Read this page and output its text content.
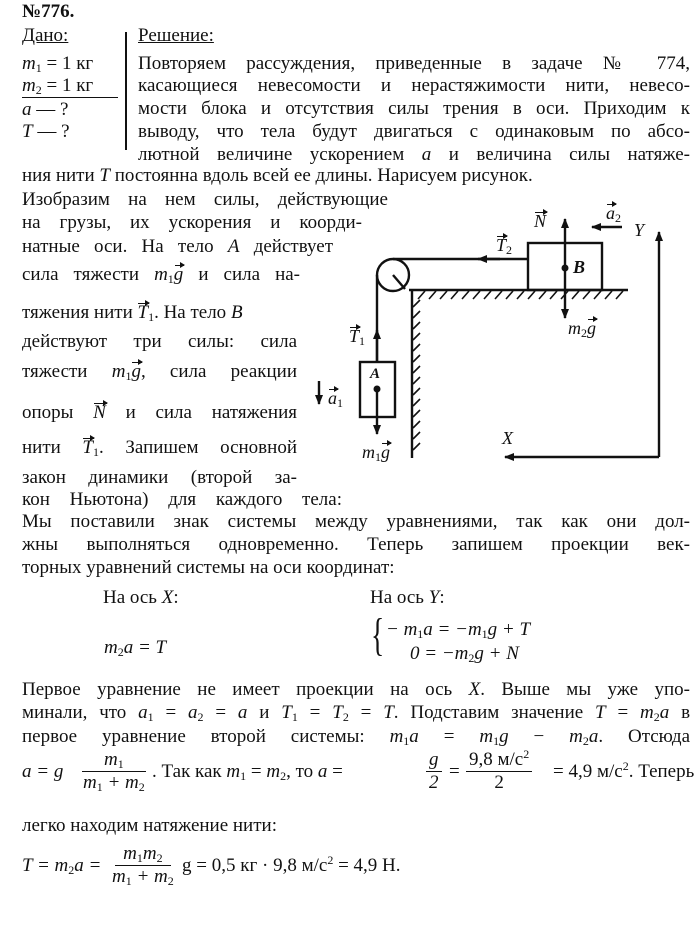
№776.
Дано:	Решение:
$m_1 = 1$ кг
$m_2 = 1$ кг
a — ?
T — ?
Повторяем рассуждения, приведенные в задаче № 774,
касающиеся невесомости и нерастяжимости нити, невесо-
мости блока и отсутствия силы трения в оси. Приходим к
выводу, что тела будут двигаться с одинаковым по абсо-
лютной величине ускорением a и величина силы натяже-
ния нити T постоянна вдоль всей ее длины. Нарисуем рисунок.
Изобразим на нем силы, действующие
на грузы, их ускорения и коорди-
натные оси. На тело A действует
сила тяжести $m_1g$ и сила на-
тяжения нити $T_1$. На тело B
действуют три силы: сила
тяжести $m_1g$, сила реакции
опоры N и сила натяжения
нити $T_1$. Запишем основной
закон динамики (второй за-
кон Ньютона) для каждого тела:
Мы поставили знак системы между уравнениями, так как они дол-
жны выполняться одновременно. Теперь запишем проекции век-
торных уравнений системы на оси координат:
Первое уравнение не имеет проекции на ось X. Выше мы уже упо-
минали, что $a_1 = a_2 = a$ и $T_1 = T_2 = T$. Подставим значение $T = m_2a$ в
первое уравнение второй системы: $m_1a = m_1g - m_2a$. Отсюда
легко находим натяжение нити:
N	$a_2$
Y
$T_2$
B
$m_2g$
$T_1$
A
$a_1$
$m_1g$
X
На ось X:	На ось Y:
$m_2a = T$	{ − $m_1a = -m_1g + T$
$0 = -m_2g + N$
a = g $\frac{m_1}{m_1 + m_2}$ . Так как $m_1 = m_2$, то a =	$\frac{g}{2}$ =
9,8 $м/с^2$
2
= 4,9 $м/с^2$. Теперь
$T = m_2a = \frac{m_1m_2}{m_1 + m_2}$ g = 0,5 кг · 9,8 $м/с^2 = 4,9$ Н.
